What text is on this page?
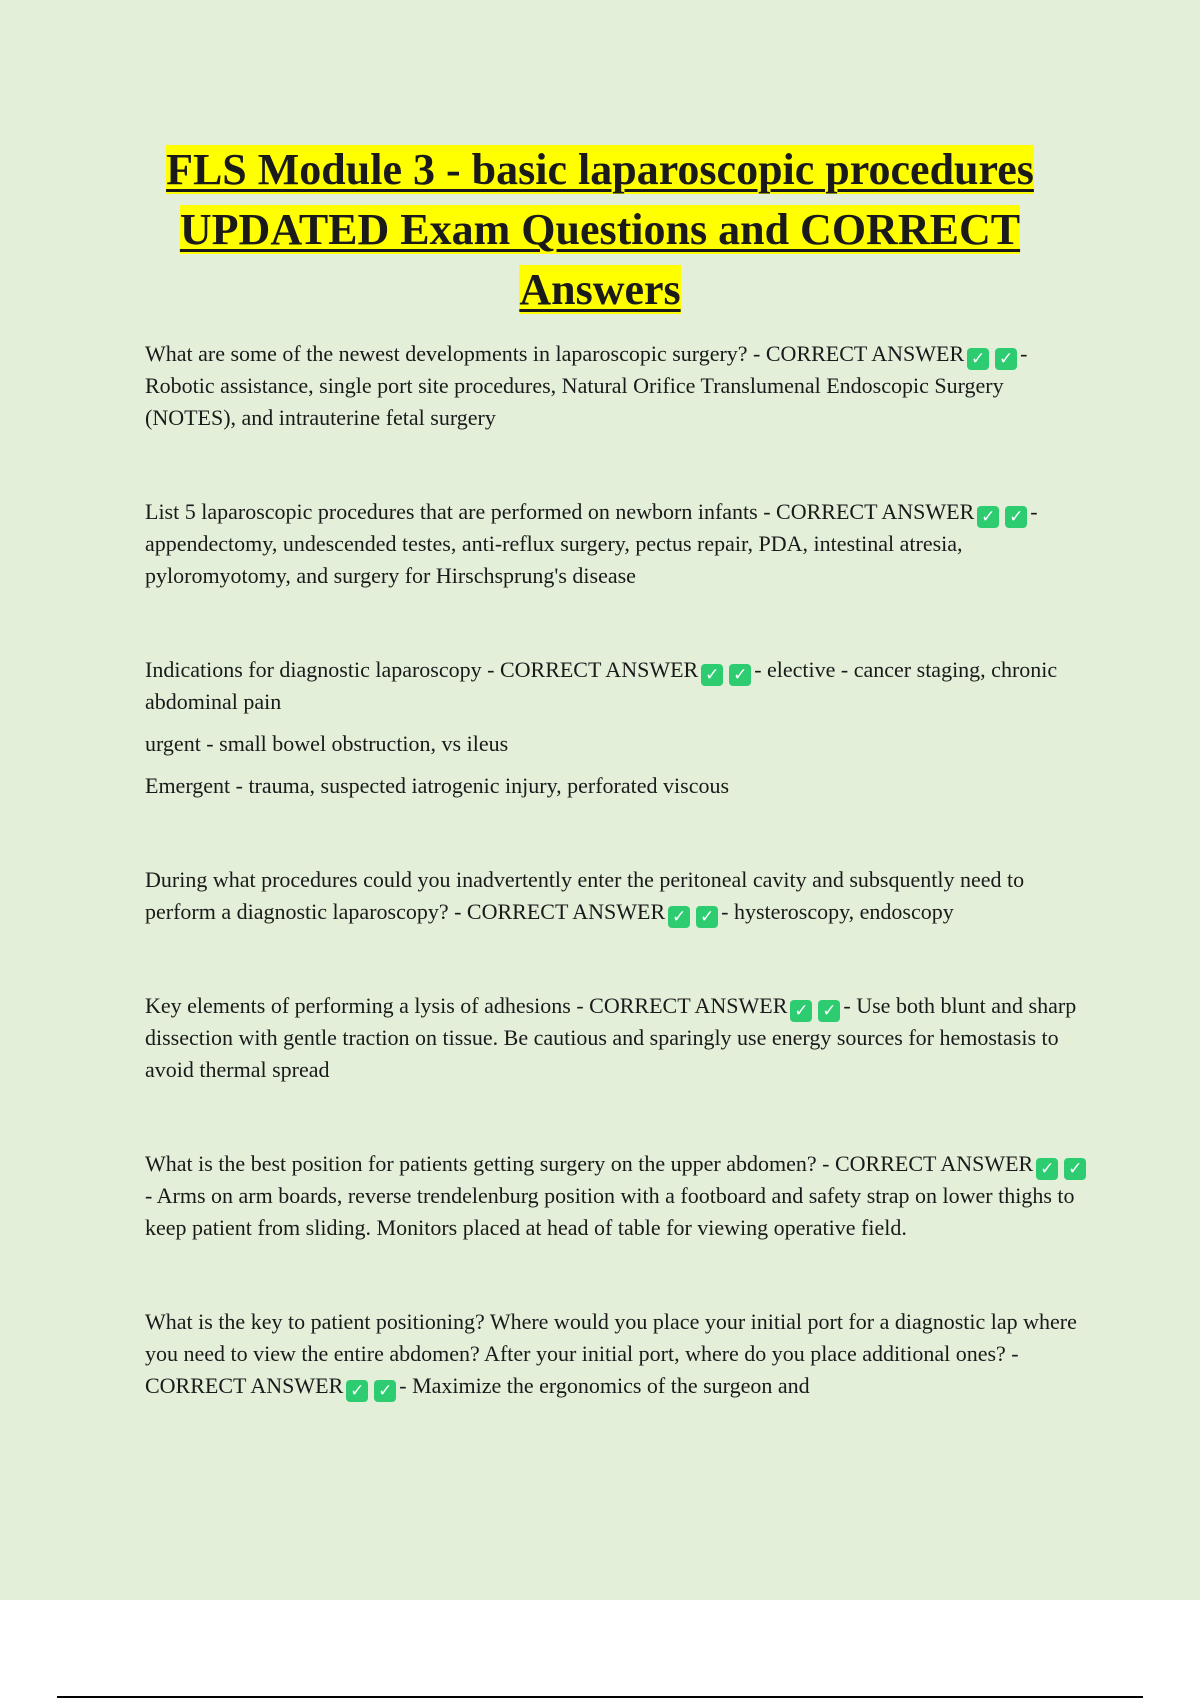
FLS Module 3 - basic laparoscopic procedures UPDATED Exam Questions and CORRECT Answers

What are some of the newest developments in laparoscopic surgery? - CORRECT ANSWER ✓ ✓ - Robotic assistance, single port site procedures, Natural Orifice Translumenal Endoscopic Surgery (NOTES), and intrauterine fetal surgery

List 5 laparoscopic procedures that are performed on newborn infants - CORRECT ANSWER ✓ ✓ - appendectomy, undescended testes, anti-reflux surgery, pectus repair, PDA, intestinal atresia, pyloromyotomy, and surgery for Hirschsprung's disease

Indications for diagnostic laparoscopy - CORRECT ANSWER ✓ ✓ - elective - cancer staging, chronic abdominal pain

urgent - small bowel obstruction, vs ileus

Emergent - trauma, suspected iatrogenic injury, perforated viscous

During what procedures could you inadvertently enter the peritoneal cavity and subsquently need to perform a diagnostic laparoscopy? - CORRECT ANSWER ✓ ✓ - hysteroscopy, endoscopy

Key elements of performing a lysis of adhesions - CORRECT ANSWER ✓ ✓ - Use both blunt and sharp dissection with gentle traction on tissue. Be cautious and sparingly use energy sources for hemostasis to avoid thermal spread

What is the best position for patients getting surgery on the upper abdomen? - CORRECT ANSWER ✓ ✓- Arms on arm boards, reverse trendelenburg position with a footboard and safety strap on lower thighs to keep patient from sliding. Monitors placed at head of table for viewing operative field.

What is the key to patient positioning? Where would you place your initial port for a diagnostic lap where you need to view the entire abdomen? After your initial port, where do you place additional ones? - CORRECT ANSWER ✓ ✓ - Maximize the ergonomics of the surgeon and
